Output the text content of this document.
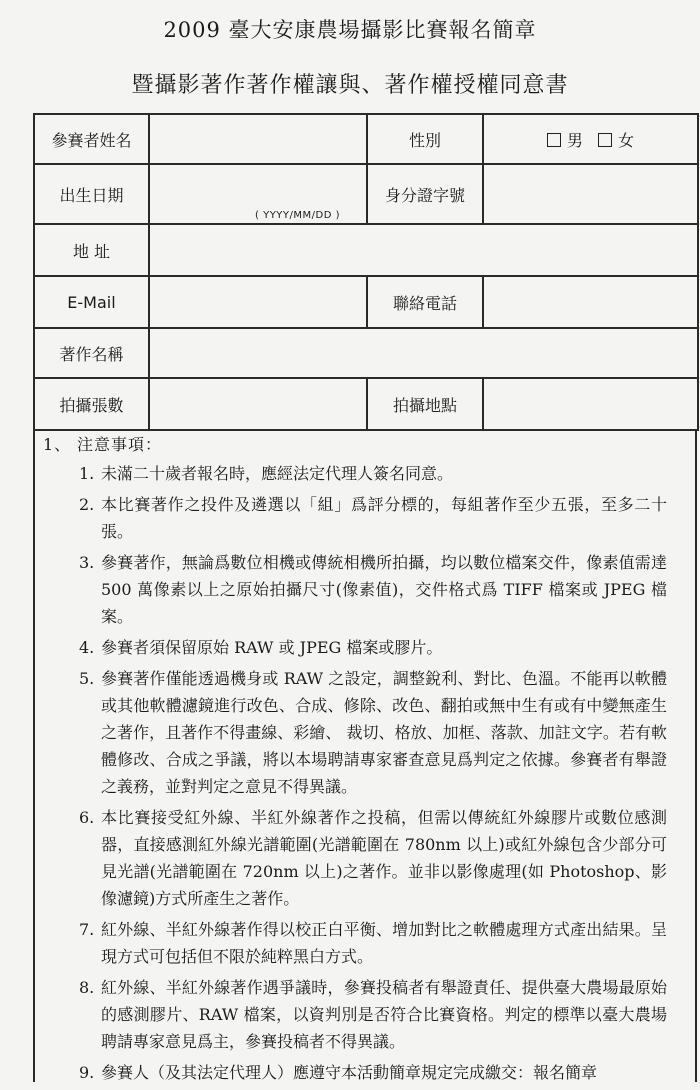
2009 臺大安康農場攝影比賽報名簡章
暨攝影著作著作權讓與、著作權授權同意書
參賽者姓名		性別	男 女
出生日期	( YYYY/MM/DD )	身分證字號	
地 址			
E-Mail		聯絡電話	
著作名稱			
拍攝張數		拍攝地點	
1、 注意事項：
1. 未滿二十歲者報名時，應經法定代理人簽名同意。
2. 本比賽著作之投件及遴選以「組」爲評分標的，每組著作至少五張，至多二十張。
3. 參賽著作，無論爲數位相機或傳統相機所拍攝，均以數位檔案交件，像素值需達 500 萬像素以上之原始拍攝尺寸(像素值)，交件格式爲 TIFF 檔案或 JPEG 檔案。
4. 參賽者須保留原始 RAW 或 JPEG 檔案或膠片。
5. 參賽著作僅能透過機身或 RAW 之設定，調整銳利、對比、色溫。不能再以軟體或其他軟體濾鏡進行改色、合成、修除、改色、翻拍或無中生有或有中變無產生之著作，且著作不得畫線、彩繪、 裁切、格放、加框、落款、加註文字。若有軟體修改、合成之爭議，將以本場聘請專家審查意見爲判定之依據。參賽者有舉證之義務，並對判定之意見不得異議。
6. 本比賽接受紅外線、半紅外線著作之投稿，但需以傳統紅外線膠片或數位感測器，直接感測紅外線光譜範圍(光譜範圍在 780nm 以上)或紅外線包含少部分可見光譜(光譜範圍在 720nm 以上)之著作。並非以影像處理(如 Photoshop、影像濾鏡)方式所產生之著作。
7. 紅外線、半紅外線著作得以校正白平衡、增加對比之軟體處理方式產出結果。呈現方式可包括但不限於純粹黑白方式。
8. 紅外線、半紅外線著作遇爭議時，參賽投稿者有舉證責任、提供臺大農場最原始的感測膠片、RAW 檔案，以資判別是否符合比賽資格。判定的標準以臺大農場聘請專家意見爲主，參賽投稿者不得異議。
9. 參賽人（及其法定代理人）應遵守本活動簡章規定完成繳交：報名簡章
